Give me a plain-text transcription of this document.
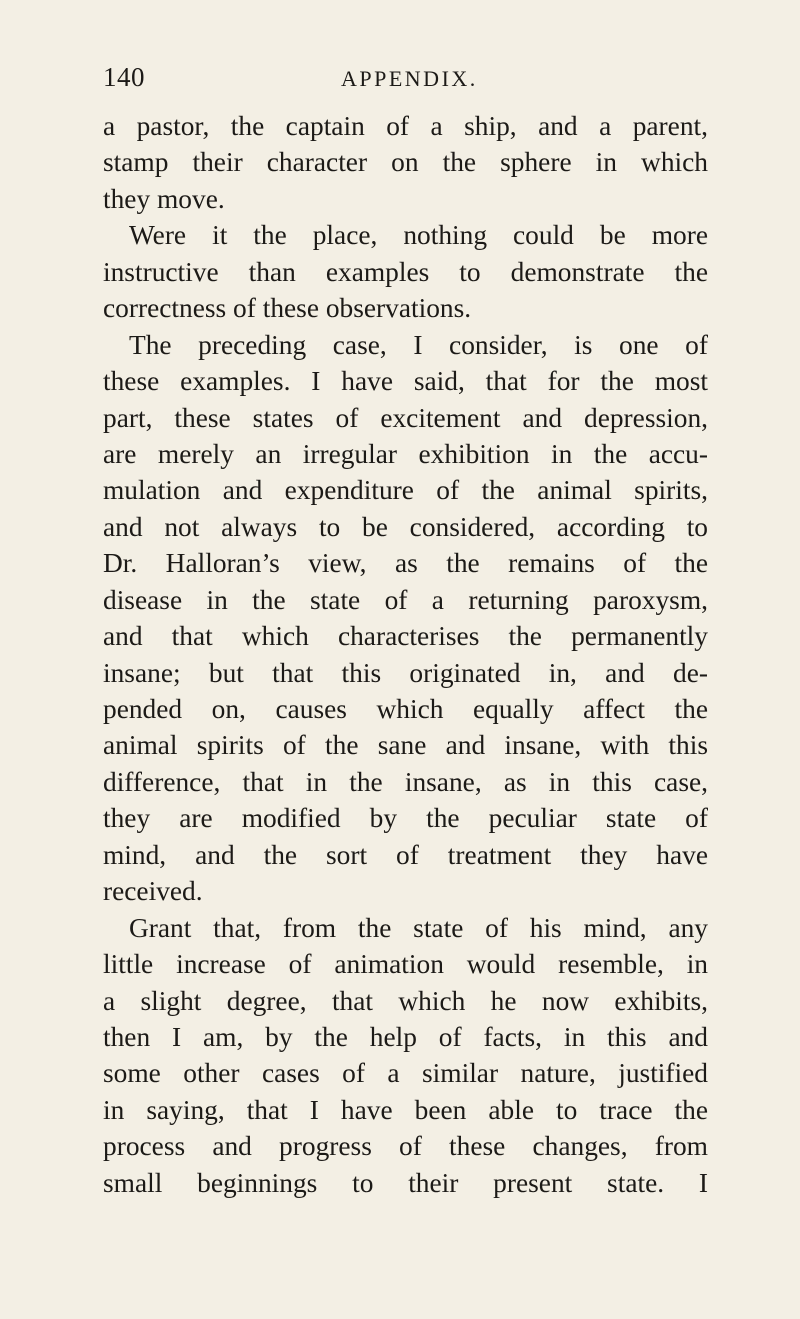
140	APPENDIX.
a pastor, the captain of a ship, and a parent,
stamp their character on the sphere in which
they move.
Were it the place, nothing could be more
instructive than examples to demonstrate the
correctness of these observations.
The preceding case, I consider, is one of
these examples. I have said, that for the most
part, these states of excitement and depression,
are merely an irregular exhibition in the accu-
mulation and expenditure of the animal spirits,
and not always to be considered, according to
Dr. Halloran’s view, as the remains of the
disease in the state of a returning paroxysm,
and that which characterises the permanently
insane; but that this originated in, and de-
pended on, causes which equally affect the
animal spirits of the sane and insane, with this
difference, that in the insane, as in this case,
they are modified by the peculiar state of
mind, and the sort of treatment they have
received.
Grant that, from the state of his mind, any
little increase of animation would resemble, in
a slight degree, that which he now exhibits,
then I am, by the help of facts, in this and
some other cases of a similar nature, justified
in saying, that I have been able to trace the
process and progress of these changes, from
small beginnings to their present state. I
